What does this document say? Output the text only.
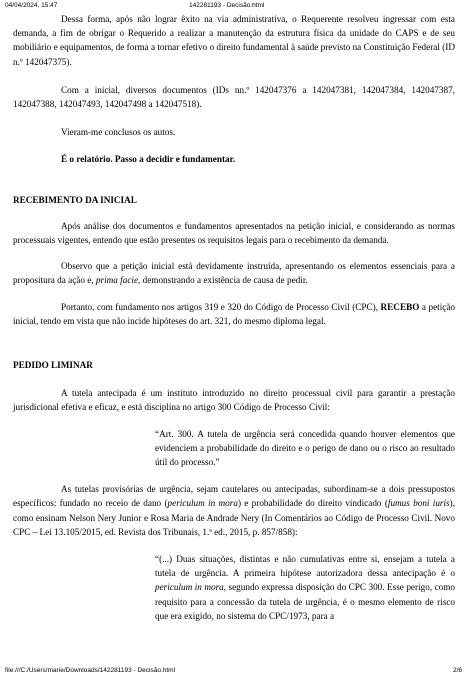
04/04/2024, 15:47	142281193 - Decisão.html

Dessa forma, após não lograr êxito na via administrativa, o Requerente resolveu ingressar com esta demanda, a fim de obrigar o Requerido a realizar a manutenção da estrutura física da unidade do CAPS e de seu mobiliário e equipamentos, de forma a tornar efetivo o direito fundamental à saúde previsto na Constituição Federal (ID n.º 142047375).

Com a inicial, diversos documentos (IDs nn.º 142047376 a 142047381, 142047384, 142047387, 142047388, 142047493, 142047498 a 142047518).

Vieram-me conclusos os autos.

É o relatório. Passo a decidir e fundamentar.

RECEBIMENTO DA INICIAL

Após análise dos documentos e fundamentos apresentados na petição inicial, e considerando as normas processuais vigentes, entendo que estão presentes os requisitos legais para o recebimento da demanda.

Observo que a petição inicial está devidamente instruída, apresentando os elementos essenciais para a propositura da ação e, prima facie, demonstrando a existência de causa de pedir.

Portanto, com fundamento nos artigos 319 e 320 do Código de Processo Civil (CPC), RECEBO a petição inicial, tendo em vista que não incide hipóteses do art. 321, do mesmo diploma legal.

PEDIDO LIMINAR

A tutela antecipada é um instituto introduzido no direito processual civil para garantir a prestação jurisdicional efetiva e eficaz, e está disciplina no artigo 300 Código de Processo Civil:

“Art. 300. A tutela de urgência será concedida quando houver elementos que evidenciem a probabilidade do direito e o perigo de dano ou o risco ao resultado útil do processo.”

As tutelas provisórias de urgência, sejam cautelares ou antecipadas, subordinam-se a dois pressupostos específicos: fundado no receio de dano (periculum in mora) e probabilidade do direito vindicado (fumus boni iuris), como ensinam Nelson Nery Junior e Rosa Maria de Andrade Nery (In Comentários ao Código de Processo Civil. Novo CPC – Lei 13.105/2015, ed. Revista dos Tribunais, 1.ª ed., 2015, p. 857/858):

“(...) Duas situações, distintas e não cumulativas entre si, ensejam a tutela a tutela de urgência. A primeira hipótese autorizadora dessa antecipação é o periculum in mora, segundo expressa disposição do CPC 300. Esse perigo, como requisito para a concessão da tutela de urgência, é o mesmo elemento de risco que era exigido, no sistema do CPC/1973, para a

file:///C:/Users/marie/Downloads/142281193 - Decisão.html	2/6
